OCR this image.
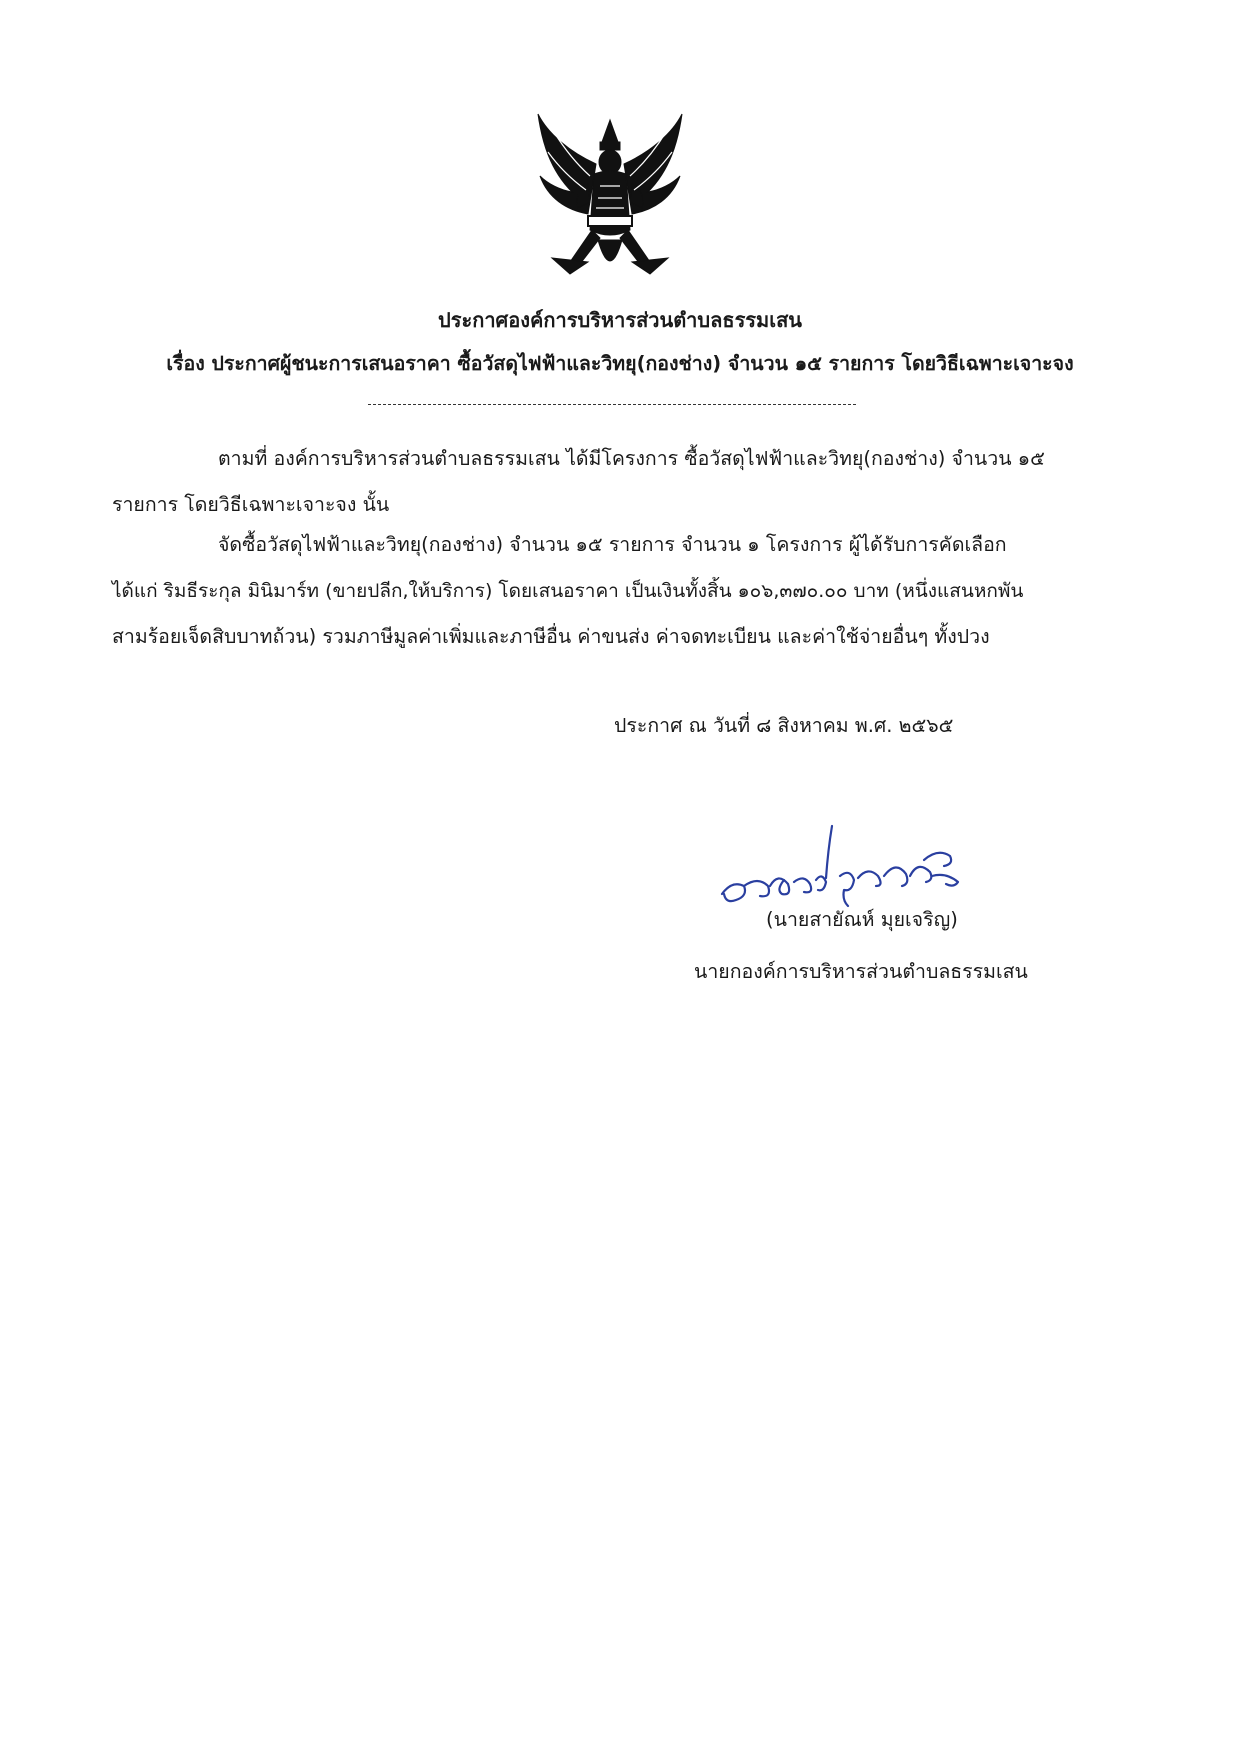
ประกาศองค์การบริหารส่วนตำบลธรรมเสน
เรื่อง ประกาศผู้ชนะการเสนอราคา ซื้อวัสดุไฟฟ้าและวิทยุ(กองช่าง) จำนวน ๑๕ รายการ โดยวิธีเฉพาะเจาะจง
ตามที่ องค์การบริหารส่วนตำบลธรรมเสน ได้มีโครงการ ซื้อวัสดุไฟฟ้าและวิทยุ(กองช่าง) จำนวน ๑๕
รายการ โดยวิธีเฉพาะเจาะจง นั้น
จัดซื้อวัสดุไฟฟ้าและวิทยุ(กองช่าง) จำนวน ๑๕ รายการ จำนวน ๑ โครงการ ผู้ได้รับการคัดเลือก
ได้แก่ ริมธีระกุล มินิมาร์ท (ขายปลีก,ให้บริการ) โดยเสนอราคา เป็นเงินทั้งสิ้น ๑๐๖,๓๗๐.๐๐ บาท (หนึ่งแสนหกพัน
สามร้อยเจ็ดสิบบาทถ้วน) รวมภาษีมูลค่าเพิ่มและภาษีอื่น ค่าขนส่ง ค่าจดทะเบียน และค่าใช้จ่ายอื่นๆ ทั้งปวง
ประกาศ ณ วันที่ ๘ สิงหาคม พ.ศ. ๒๕๖๕
(นายสายัณห์ มุยเจริญ)
นายกองค์การบริหารส่วนตำบลธรรมเสน
